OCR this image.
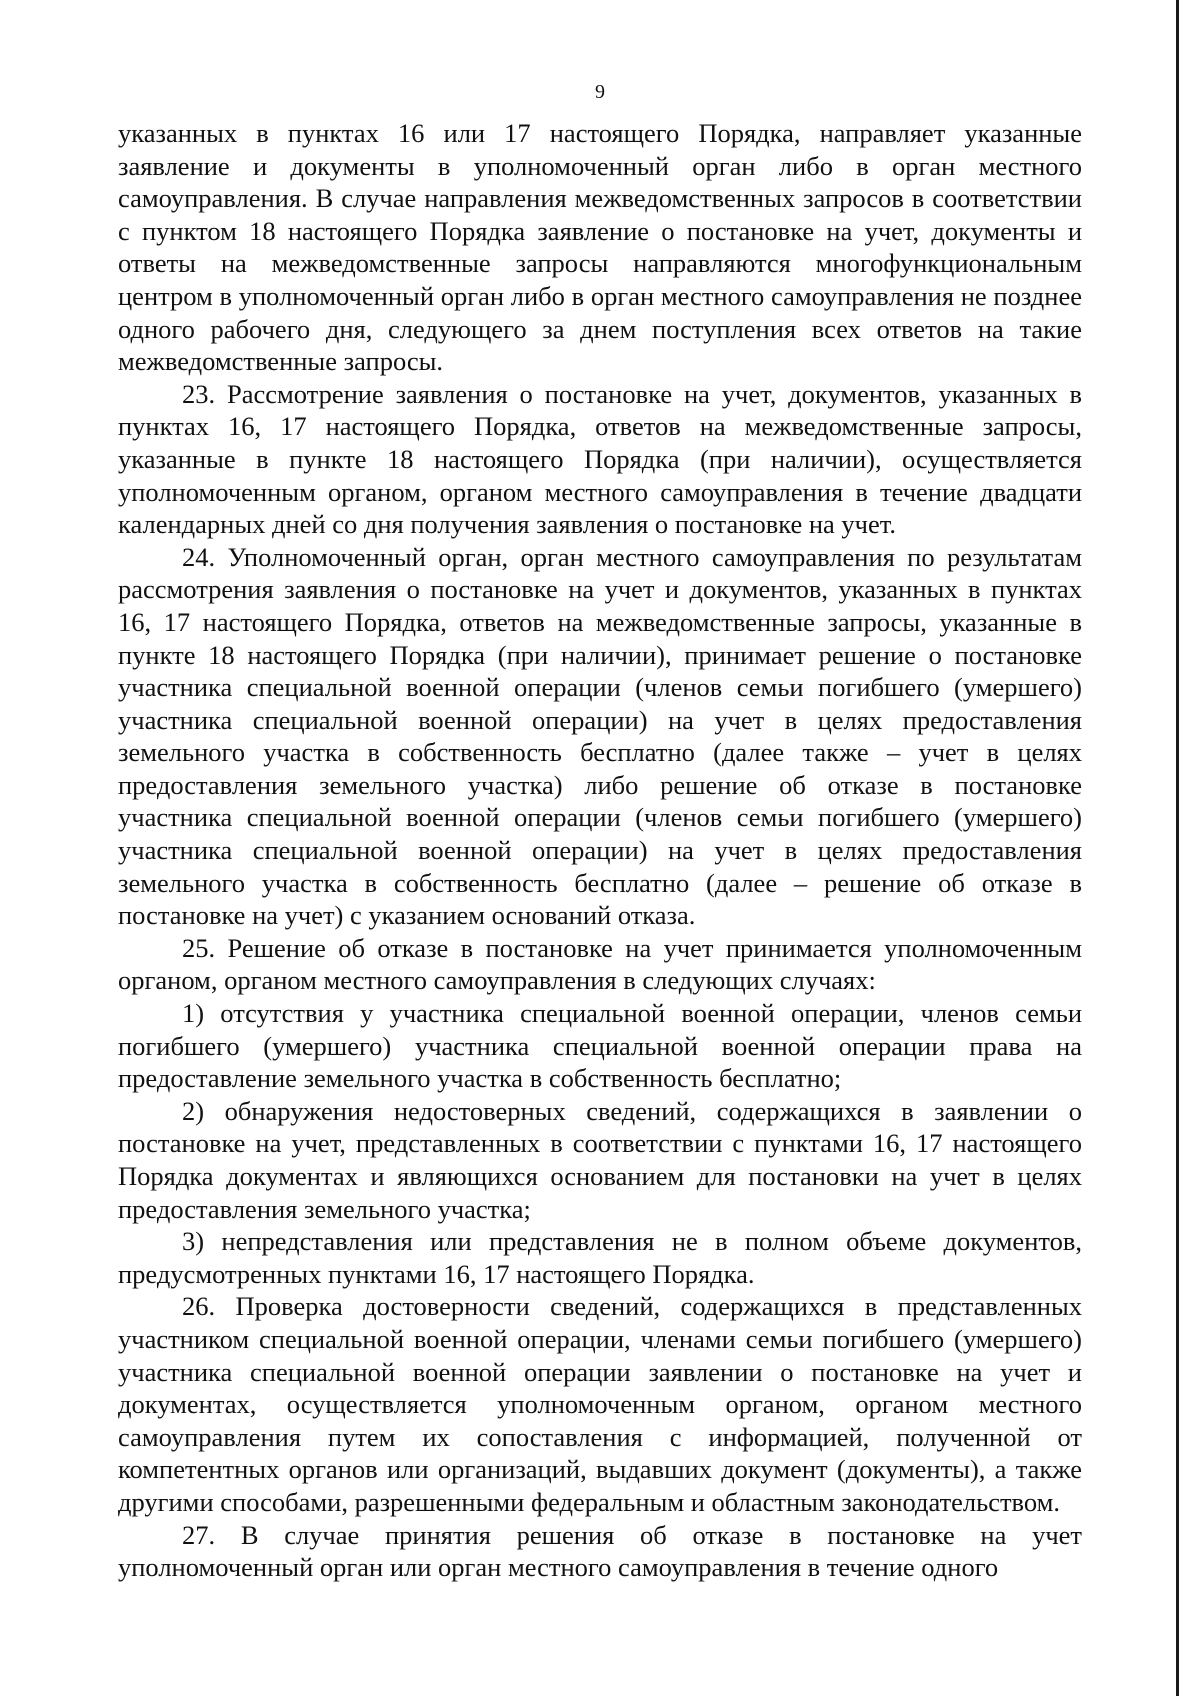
9

указанных в пунктах 16 или 17 настоящего Порядка, направляет указанные заявление и документы в уполномоченный орган либо в орган местного самоуправления. В случае направления межведомственных запросов в соответствии с пунктом 18 настоящего Порядка заявление о постановке на учет, документы и ответы на межведомственные запросы направляются многофункциональным центром в уполномоченный орган либо в орган местного самоуправления не позднее одного рабочего дня, следующего за днем поступления всех ответов на такие межведомственные запросы.

23. Рассмотрение заявления о постановке на учет, документов, указанных в пунктах 16, 17 настоящего Порядка, ответов на межведомственные запросы, указанные в пункте 18 настоящего Порядка (при наличии), осуществляется уполномоченным органом, органом местного самоуправления в течение двадцати календарных дней со дня получения заявления о постановке на учет.

24. Уполномоченный орган, орган местного самоуправления по результатам рассмотрения заявления о постановке на учет и документов, указанных в пунктах 16, 17 настоящего Порядка, ответов на межведомственные запросы, указанные в пункте 18 настоящего Порядка (при наличии), принимает решение о постановке участника специальной военной операции (членов семьи погибшего (умершего) участника специальной военной операции) на учет в целях предоставления земельного участка в собственность бесплатно (далее также – учет в целях предоставления земельного участка) либо решение об отказе в постановке участника специальной военной операции (членов семьи погибшего (умершего) участника специальной военной операции) на учет в целях предоставления земельного участка в собственность бесплатно (далее – решение об отказе в постановке на учет) с указанием оснований отказа.

25. Решение об отказе в постановке на учет принимается уполномоченным органом, органом местного самоуправления в следующих случаях:

1) отсутствия у участника специальной военной операции, членов семьи погибшего (умершего) участника специальной военной операции права на предоставление земельного участка в собственность бесплатно;

2) обнаружения недостоверных сведений, содержащихся в заявлении о постановке на учет, представленных в соответствии с пунктами 16, 17 настоящего Порядка документах и являющихся основанием для постановки на учет в целях предоставления земельного участка;

3) непредставления или представления не в полном объеме документов, предусмотренных пунктами 16, 17 настоящего Порядка.

26. Проверка достоверности сведений, содержащихся в представленных участником специальной военной операции, членами семьи погибшего (умершего) участника специальной военной операции заявлении о постановке на учет и документах, осуществляется уполномоченным органом, органом местного самоуправления путем их сопоставления с информацией, полученной от компетентных органов или организаций, выдавших документ (документы), а также другими способами, разрешенными федеральным и областным законодательством.

27. В случае принятия решения об отказе в постановке на учет уполномоченный орган или орган местного самоуправления в течение одного
